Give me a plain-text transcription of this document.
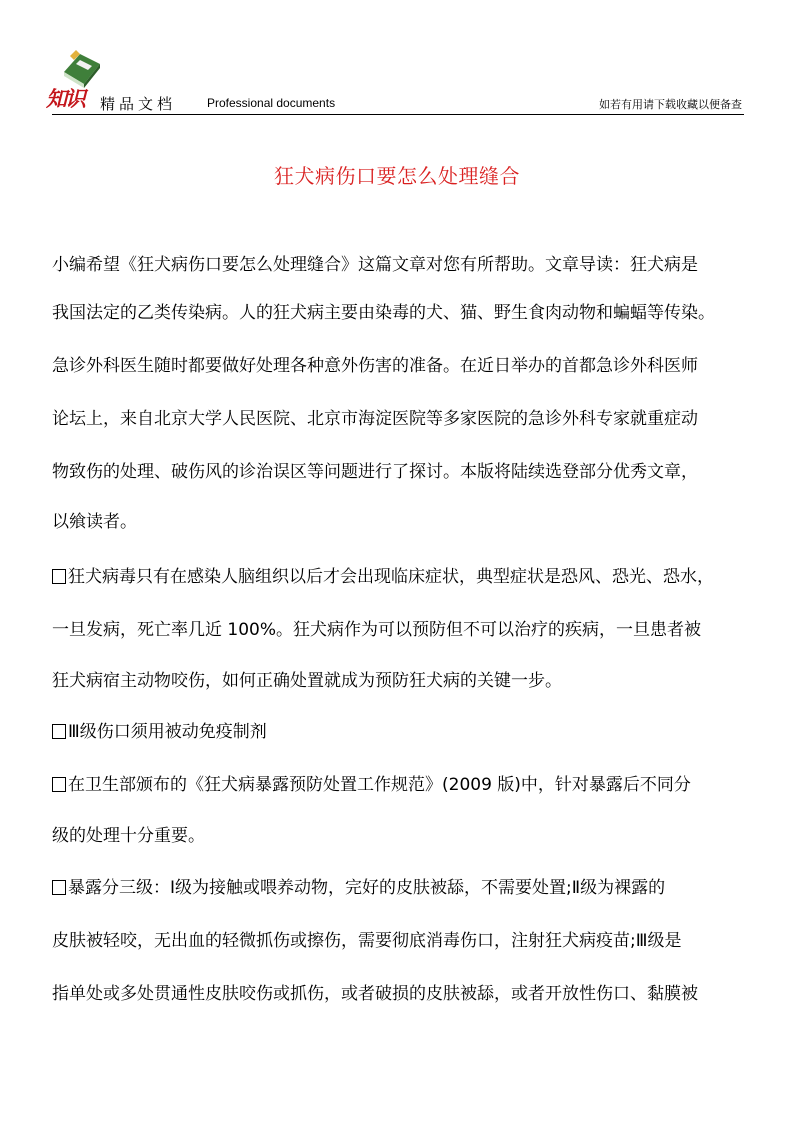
知识 精品文档	Professional documents	如若有用请下载收藏以便备查
狂犬病伤口要怎么处理缝合
小编希望《狂犬病伤口要怎么处理缝合》这篇文章对您有所帮助。文章导读：狂犬病是
我国法定的乙类传染病。人的狂犬病主要由染毒的犬、猫、野生食肉动物和蝙蝠等传染。
急诊外科医生随时都要做好处理各种意外伤害的准备。在近日举办的首都急诊外科医师
论坛上，来自北京大学人民医院、北京市海淀医院等多家医院的急诊外科专家就重症动
物致伤的处理、破伤风的诊治误区等问题进行了探讨。本版将陆续选登部分优秀文章，
以飨读者。
狂犬病毒只有在感染人脑组织以后才会出现临床症状，典型症状是恐风、恐光、恐水，
一旦发病，死亡率几近 100%。狂犬病作为可以预防但不可以治疗的疾病，一旦患者被
狂犬病宿主动物咬伤，如何正确处置就成为预防狂犬病的关键一步。
Ⅲ级伤口须用被动免疫制剂
在卫生部颁布的《狂犬病暴露预防处置工作规范》(2009 版)中，针对暴露后不同分
级的处理十分重要。
暴露分三级：Ⅰ级为接触或喂养动物，完好的皮肤被舔，不需要处置;Ⅱ级为裸露的
皮肤被轻咬，无出血的轻微抓伤或擦伤，需要彻底消毒伤口，注射狂犬病疫苗;Ⅲ级是
指单处或多处贯通性皮肤咬伤或抓伤，或者破损的皮肤被舔，或者开放性伤口、黏膜被
